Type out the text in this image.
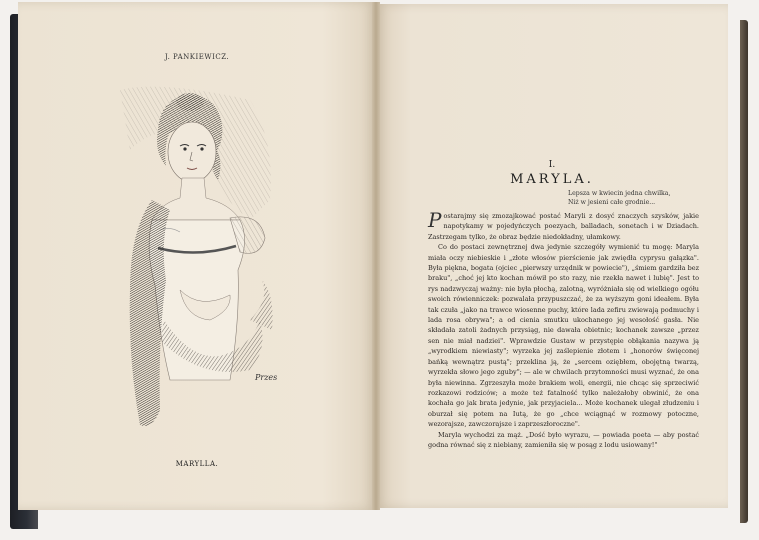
J. PANKIEWICZ.
Przes
MARYLLA.
I.
MARYLA.
Lepsza w kwiecin jedna chwilka,
Niż w jesieni całe grodnie...

Postarajmy się zmozajkować postać Maryli z dosyć znaczych szysków, jakie napotykamy w pojedyńczych poezyach, balladach, sonetach i w Dziadach. Zastrzegam tylko, że obraz będzie niedokładny, ułamkowy.

Co do postaci zewnętrznej dwa jedynie szczegóły wymienić tu mogę: Maryla miała oczy niebieskie i „złote włosów pierścienie jak zwiędła cyprysu gałązka". Była piękna, bogata (ojciec „pierwszy urzędnik w powiecie"), „śmiem gardziła bez braku", „choć jej kto kochan mówił po sto razy, nie rzekła nawet i lubię". Jest to rys nadzwyczaj ważny: nie była płochą, zalotną, wyróżniała się od wielkiego ogółu swoich rówienniczek: pozwalała przypuszczać, że za wyższym goni ideałem. Była tak czuła „jako na trawce wiosenne puchy, które lada zefiru zwiewają podmuchy i lada rosa obrywa"; a od cienia smutku ukochanego jej wesołość gasła. Nie składała zatoli żadnych przysiąg, nie dawała obietnic; kochanek zawsze „przez sen nie miał nadziei". Wprawdzie Gustaw w przystępie obłąkania nazywa ją „wyrodkiem niewiasty"; wyrzeka jej zaślepienie złotem i „honorów święconej bańką wewnątrz pustą"; przeklina ją, że „sercem oziębłem, obojętną twarzą, wyrzekła słowo jego zguby"; — ale w chwilach przytomności musi wyznać, że ona była niewinna. Zgrzeszyła może brakiem woli, energii, nie chcąc się sprzeciwić rozkazowi rodziców; a może też fatalność tylko należałoby obwinić, że ona kochała go jak brata jedynie, jak przyjaciela... Może kochanek ulegał złudzeniu i oburzał się potem na Iutą, że go „chce wciągnąć w rozmowy potoczne, wezorajsze, zawczorajsze i zaprzeszłoroczne".

Maryla wychodzi za mąż. „Dość było wyrazu, — powiada poeta — aby postać godna równać się z niebiany, zamieniła się w posąg z lodu usiowany!"
